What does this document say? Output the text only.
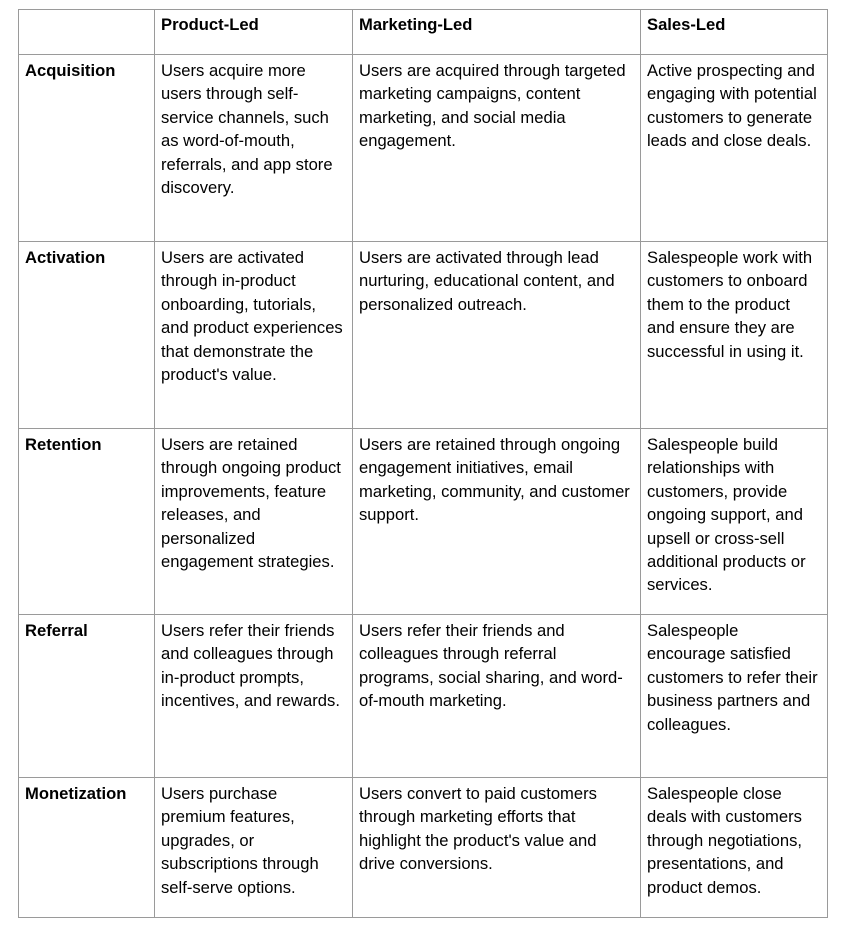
	Product-Led	Marketing-Led	Sales-Led
Acquisition	Users acquire more users through self-service channels, such as word-of-mouth, referrals, and app store discovery.	Users are acquired through targeted marketing campaigns, content marketing, and social media engagement.	Active prospecting and engaging with potential customers to generate leads and close deals.
Activation	Users are activated through in-product onboarding, tutorials, and product experiences that demonstrate the product's value.	Users are activated through lead nurturing, educational content, and personalized outreach.	Salespeople work with customers to onboard them to the product and ensure they are successful in using it.
Retention	Users are retained through ongoing product improvements, feature releases, and personalized engagement strategies.	Users are retained through ongoing engagement initiatives, email marketing, community, and customer support.	Salespeople build relationships with customers, provide ongoing support, and upsell or cross-sell additional products or services.
Referral	Users refer their friends and colleagues through in-product prompts, incentives, and rewards.	Users refer their friends and colleagues through referral programs, social sharing, and word-of-mouth marketing.	Salespeople encourage satisfied customers to refer their business partners and colleagues.
Monetization	Users purchase premium features, upgrades, or subscriptions through self-serve options.	Users convert to paid customers through marketing efforts that highlight the product's value and drive conversions.	Salespeople close deals with customers through negotiations, presentations, and product demos.
